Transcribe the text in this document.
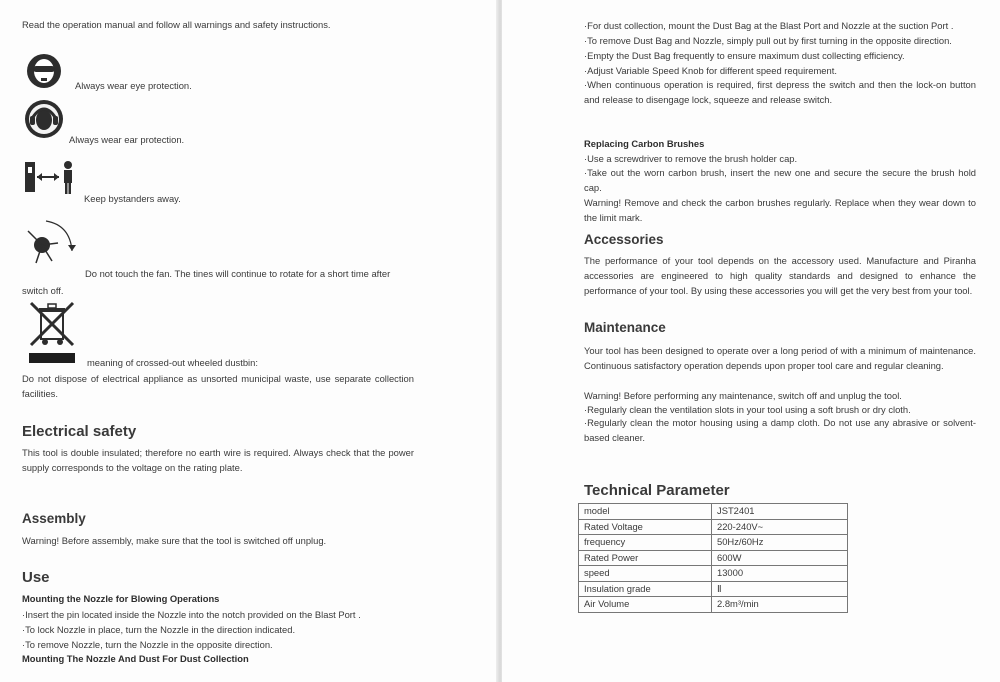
Read the operation manual and follow all warnings and safety instructions.

Always wear eye protection.

Always wear ear protection.

Keep bystanders away.

Do not touch the fan. The tines will continue to rotate for a short time after

switch off.

meaning of crossed-out wheeled dustbin:

Do not dispose of electrical appliance as unsorted municipal waste, use separate collection facilities.

Electrical safety

This tool is double insulated; therefore no earth wire is required. Always check that the power supply corresponds to the voltage on the rating plate.

Assembly

Warning! Before assembly, make sure that the tool is switched off unplug.

Use

Mounting the Nozzle for Blowing Operations

·Insert the pin located inside the Nozzle into the notch provided on the Blast Port .

·To lock Nozzle in place, turn the Nozzle in the direction indicated.

·To remove Nozzle, turn the Nozzle in the opposite direction.

Mounting The Nozzle And Dust For Dust Collection

·For dust collection, mount the Dust Bag at the Blast Port and Nozzle at the suction Port .

·To remove Dust Bag and Nozzle, simply pull out by first turning in the opposite direction.

·Empty the Dust Bag frequently to ensure maximum dust collecting efficiency.

·Adjust Variable Speed Knob for different speed requirement.

·When continuous operation is required, first depress the switch and then the lock-on button and release to disengage lock, squeeze and release switch.

Replacing Carbon Brushes

·Use a screwdriver to remove the brush holder cap.

·Take out the worn carbon brush, insert the new one and secure the secure the brush hold cap.

Warning! Remove and check the carbon brushes regularly. Replace when they wear down to the limit mark.

Accessories

The performance of your tool depends on the accessory used. Manufacture and Piranha accessories are engineered to high quality standards and designed to enhance the performance of your tool. By using these accessories you will get the very best from your tool.

Maintenance

Your tool has been designed to operate over a long period of with a minimum of maintenance. Continuous satisfactory operation depends upon proper tool care and regular cleaning.

Warning! Before performing any maintenance, switch off and unplug the tool.

·Regularly clean the ventilation slots in your tool using a soft brush or dry cloth.

·Regularly clean the motor housing using a damp cloth. Do not use any abrasive or solvent- based cleaner.

Technical Parameter
model	JST2401
Rated Voltage	220-240V~
frequency	50Hz/60Hz
Rated Power	600W
speed	13000
Insulation grade	Ⅱ
Air Volume	2.8m³/min
